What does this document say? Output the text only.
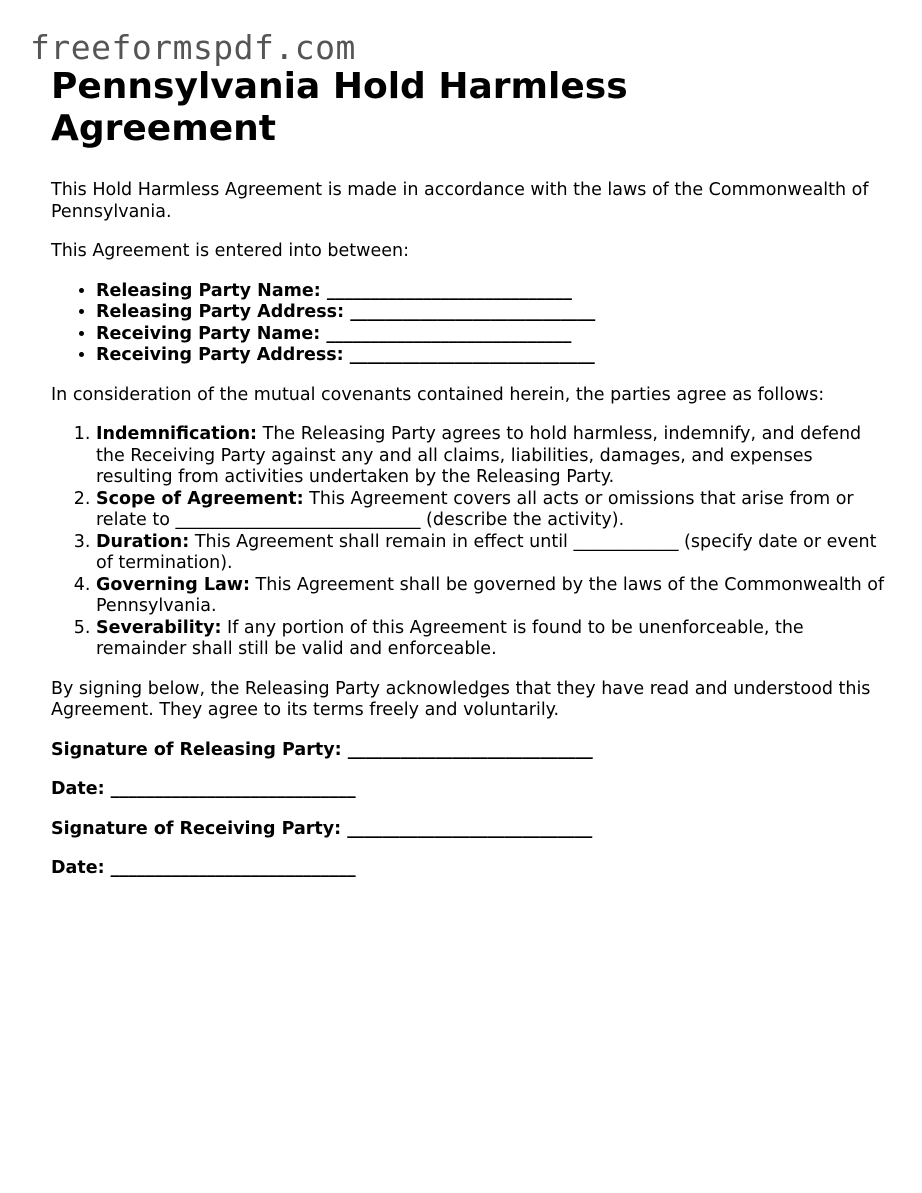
freeformspdf.com
Pennsylvania Hold Harmless Agreement

This Hold Harmless Agreement is made in accordance with the laws of the Commonwealth of Pennsylvania.

This Agreement is entered into between:

• Releasing Party Name: ____________________________
• Releasing Party Address: ____________________________
• Receiving Party Name: ____________________________
• Receiving Party Address: ____________________________

In consideration of the mutual covenants contained herein, the parties agree as follows:

1. Indemnification: The Releasing Party agrees to hold harmless, indemnify, and defend the Receiving Party against any and all claims, liabilities, damages, and expenses resulting from activities undertaken by the Releasing Party.
2. Scope of Agreement: This Agreement covers all acts or omissions that arise from or relate to ____________________________ (describe the activity).
3. Duration: This Agreement shall remain in effect until ____________ (specify date or event of termination).
4. Governing Law: This Agreement shall be governed by the laws of the Commonwealth of Pennsylvania.
5. Severability: If any portion of this Agreement is found to be unenforceable, the remainder shall still be valid and enforceable.

By signing below, the Releasing Party acknowledges that they have read and understood this Agreement. They agree to its terms freely and voluntarily.

Signature of Releasing Party: ____________________________
Date: ____________________________
Signature of Receiving Party: ____________________________
Date: ____________________________
